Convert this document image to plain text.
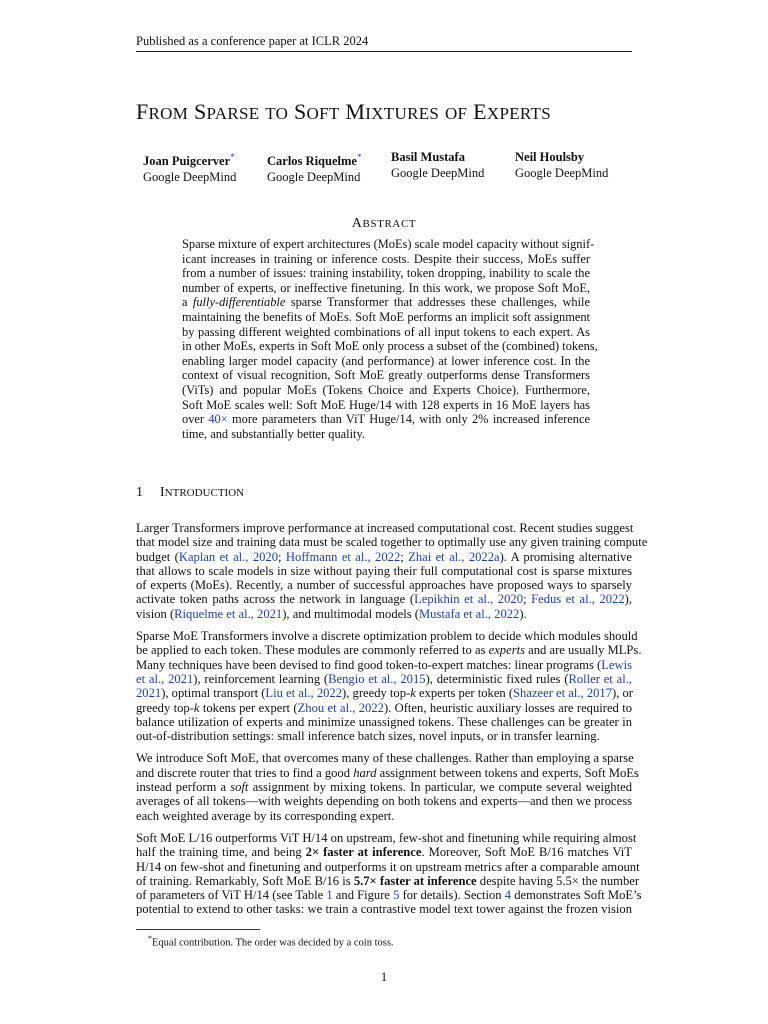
Published as a conference paper at ICLR 2024
FROM SPARSE TO SOFT MIXTURES OF EXPERTS
Joan Puigcerver*
Google DeepMind
Carlos Riquelme*
Google DeepMind
Basil Mustafa
Google DeepMind
Neil Houlsby
Google DeepMind
ABSTRACT
Sparse mixture of expert architectures (MoEs) scale model capacity without signif-
icant increases in training or inference costs. Despite their success, MoEs suffer
from a number of issues: training instability, token dropping, inability to scale the
number of experts, or ineffective finetuning. In this work, we propose Soft MoE,
a fully-differentiable sparse Transformer that addresses these challenges, while
maintaining the benefits of MoEs. Soft MoE performs an implicit soft assignment
by passing different weighted combinations of all input tokens to each expert. As
in other MoEs, experts in Soft MoE only process a subset of the (combined) tokens,
enabling larger model capacity (and performance) at lower inference cost. In the
context of visual recognition, Soft MoE greatly outperforms dense Transformers
(ViTs) and popular MoEs (Tokens Choice and Experts Choice). Furthermore,
Soft MoE scales well: Soft MoE Huge/14 with 128 experts in 16 MoE layers has
over 40× more parameters than ViT Huge/14, with only 2% increased inference
time, and substantially better quality.
1 INTRODUCTION
Larger Transformers improve performance at increased computational cost. Recent studies suggest
that model size and training data must be scaled together to optimally use any given training compute
budget (Kaplan et al., 2020; Hoffmann et al., 2022; Zhai et al., 2022a). A promising alternative
that allows to scale models in size without paying their full computational cost is sparse mixtures
of experts (MoEs). Recently, a number of successful approaches have proposed ways to sparsely
activate token paths across the network in language (Lepikhin et al., 2020; Fedus et al., 2022),
vision (Riquelme et al., 2021), and multimodal models (Mustafa et al., 2022).
Sparse MoE Transformers involve a discrete optimization problem to decide which modules should
be applied to each token. These modules are commonly referred to as experts and are usually MLPs.
Many techniques have been devised to find good token-to-expert matches: linear programs (Lewis
et al., 2021), reinforcement learning (Bengio et al., 2015), deterministic fixed rules (Roller et al.,
2021), optimal transport (Liu et al., 2022), greedy top-k experts per token (Shazeer et al., 2017), or
greedy top-k tokens per expert (Zhou et al., 2022). Often, heuristic auxiliary losses are required to
balance utilization of experts and minimize unassigned tokens. These challenges can be greater in
out-of-distribution settings: small inference batch sizes, novel inputs, or in transfer learning.
We introduce Soft MoE, that overcomes many of these challenges. Rather than employing a sparse
and discrete router that tries to find a good hard assignment between tokens and experts, Soft MoEs
instead perform a soft assignment by mixing tokens. In particular, we compute several weighted
averages of all tokens—with weights depending on both tokens and experts—and then we process
each weighted average by its corresponding expert.
Soft MoE L/16 outperforms ViT H/14 on upstream, few-shot and finetuning while requiring almost
half the training time, and being 2× faster at inference. Moreover, Soft MoE B/16 matches ViT
H/14 on few-shot and finetuning and outperforms it on upstream metrics after a comparable amount
of training. Remarkably, Soft MoE B/16 is 5.7× faster at inference despite having 5.5× the number
of parameters of ViT H/14 (see Table 1 and Figure 5 for details). Section 4 demonstrates Soft MoE’s
potential to extend to other tasks: we train a contrastive model text tower against the frozen vision
*Equal contribution. The order was decided by a coin toss.
1
